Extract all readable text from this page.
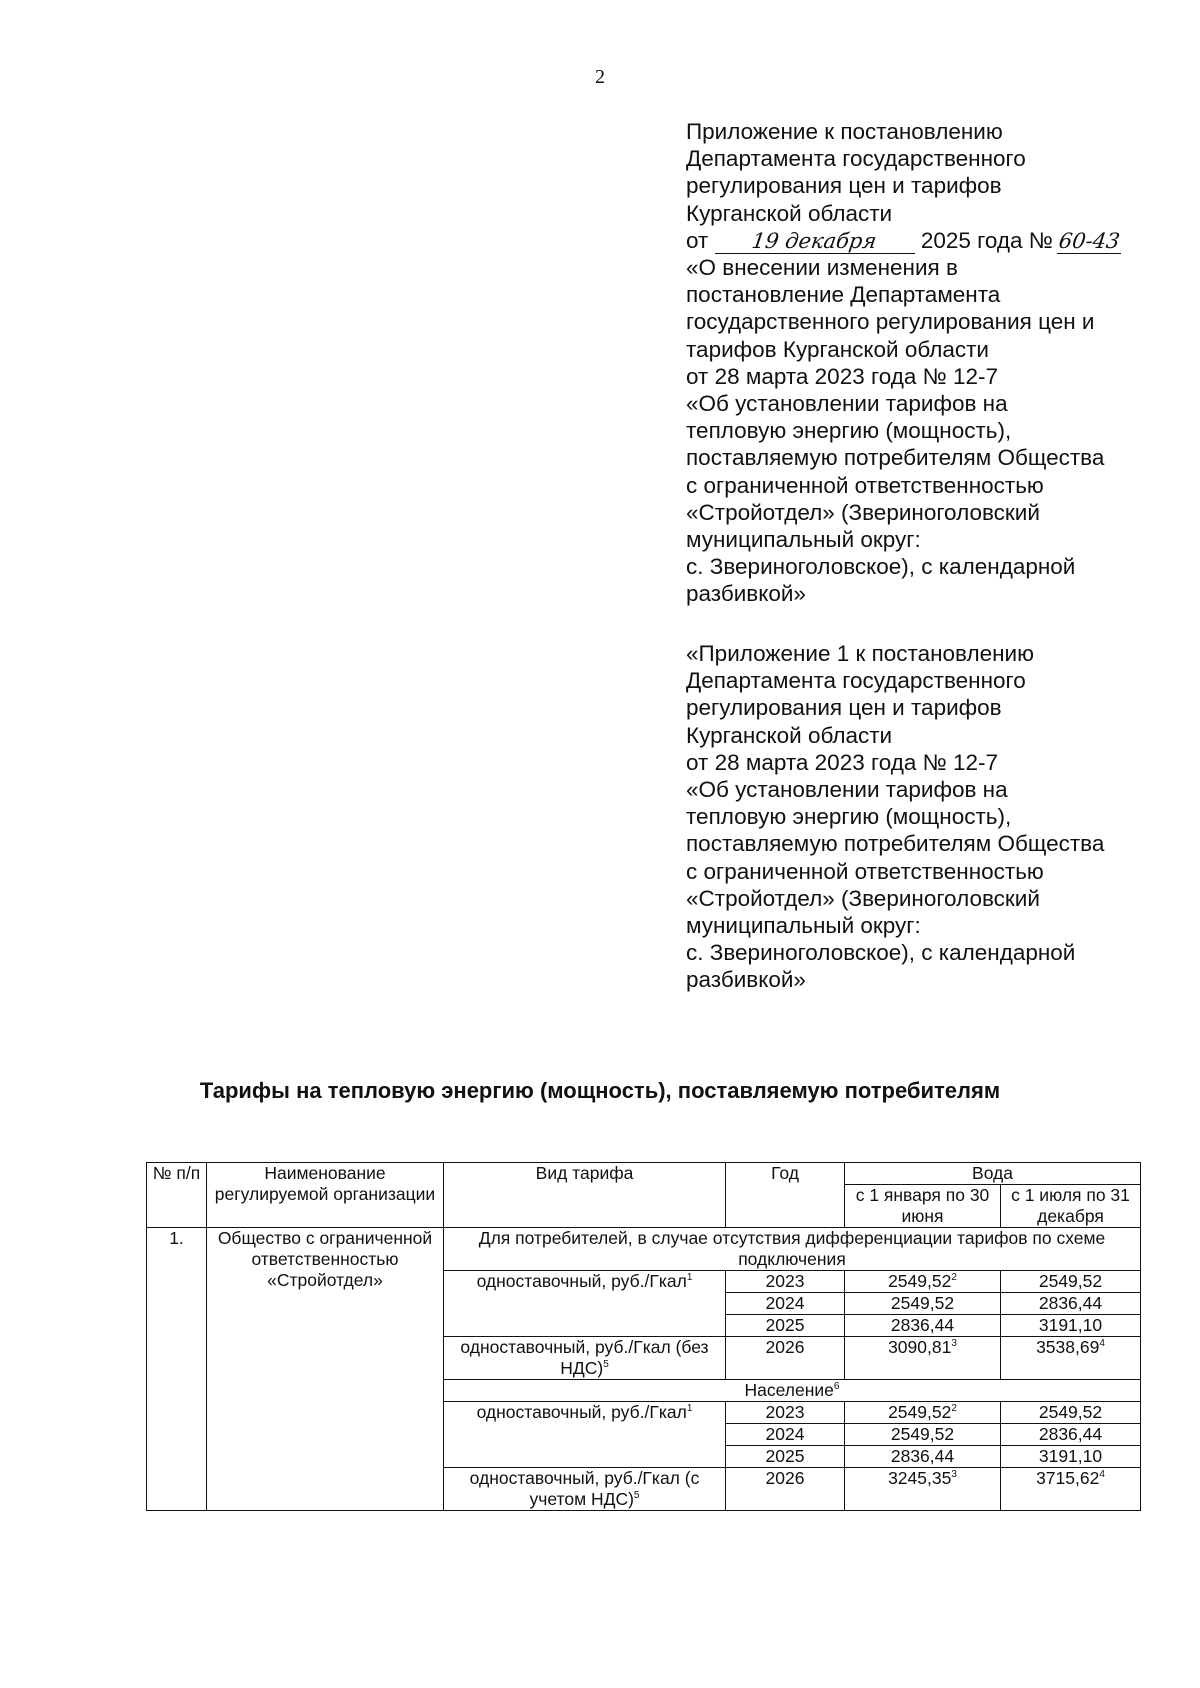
2
Приложение к постановлению
Департамента государственного
регулирования цен и тарифов
Курганской области
от 19 декабря 2025 года № 60-43
«О внесении изменения в
постановление Департамента
государственного регулирования цен и
тарифов Курганской области
от 28 марта 2023 года № 12-7
«Об установлении тарифов на
тепловую энергию (мощность),
поставляемую потребителям Общества
с ограниченной ответственностью
«Стройотдел» (Звериноголовский
муниципальный округ:
с. Звериноголовское), с календарной
разбивкой»
«Приложение 1 к постановлению
Департамента государственного
регулирования цен и тарифов
Курганской области
от 28 марта 2023 года № 12-7
«Об установлении тарифов на
тепловую энергию (мощность),
поставляемую потребителям Общества
с ограниченной ответственностью
«Стройотдел» (Звериноголовский
муниципальный округ:
с. Звериноголовское), с календарной
разбивкой»
Тарифы на тепловую энергию (мощность), поставляемую потребителям
№ п/п	Наименование регулируемой организации	Вид тарифа	Год	Вода	
				с 1 января по 30 июня	с 1 июля по 31 декабря
1.	Общество с ограниченной ответственностью «Стройотдел»	Для потребителей, в случае отсутствия дифференциации тарифов по схеме подключения			
		одноставочный, руб./Гкал$^1$	2023	2549,52$^2$	2549,52
			2024	2549,52	2836,44
			2025	2836,44	3191,10
		одноставочный, руб./Гкал (без НДС)$^5$	2026	3090,81$^3$	3538,69$^4$
		Население$^6$
		одноставочный, руб./Гкал$^1$	2023	2549,52$^2$	2549,52
			2024	2549,52	2836,44
			2025	2836,44	3191,10
		одноставочный, руб./Гкал (с учетом НДС)$^5$	2026	3245,35$^3$	3715,62$^4$
